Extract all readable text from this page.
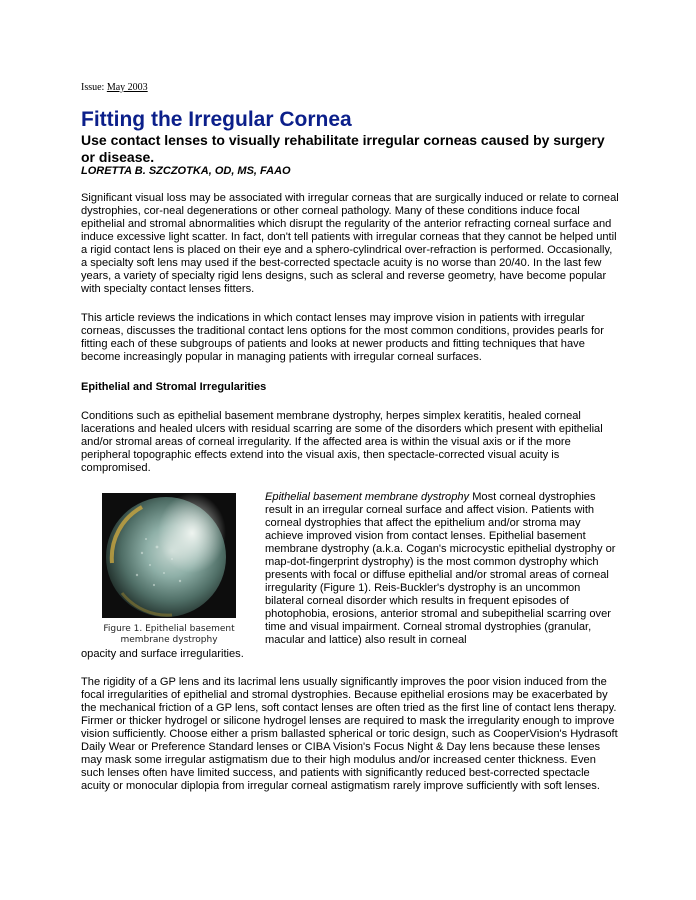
Issue: May 2003
Fitting the Irregular Cornea
Use contact lenses to visually rehabilitate irregular corneas caused by surgery or disease.
LORETTA B. SZCZOTKA, OD, MS, FAAO

Significant visual loss may be associated with irregular corneas that are surgically induced or relate to corneal dystrophies, cor-neal degenerations or other corneal pathology. Many of these conditions induce focal epithelial and stromal abnormalities which disrupt the regularity of the anterior refracting corneal surface and induce excessive light scatter. In fact, don't tell patients with irregular corneas that they cannot be helped until a rigid contact lens is placed on their eye and a sphero-cylindrical over-refraction is performed. Occasionally, a specialty soft lens may used if the best-corrected spectacle acuity is no worse than 20/40. In the last few years, a variety of specialty rigid lens designs, such as scleral and reverse geometry, have become popular with specialty contact lenses fitters.

This article reviews the indications in which contact lenses may improve vision in patients with irregular corneas, discusses the traditional contact lens options for the most common conditions, provides pearls for fitting each of these subgroups of patients and looks at newer products and fitting techniques that have become increasingly popular in managing patients with irregular corneal surfaces.

Epithelial and Stromal Irregularities

Conditions such as epithelial basement membrane dystrophy, herpes simplex keratitis, healed corneal lacerations and healed ulcers with residual scarring are some of the disorders which present with epithelial and/or stromal areas of corneal irregularity. If the affected area is within the visual axis or if the more peripheral topographic effects extend into the visual axis, then spectacle-corrected visual acuity is compromised.

Figure 1. Epithelial basement membrane dystrophy

Epithelial basement membrane dystrophy Most corneal dystrophies result in an irregular corneal surface and affect vision. Patients with corneal dystrophies that affect the epithelium and/or stroma may achieve improved vision from contact lenses. Epithelial basement membrane dystrophy (a.k.a. Cogan's microcystic epithelial dystrophy or map-dot-fingerprint dystrophy) is the most common dystrophy which presents with focal or diffuse epithelial and/or stromal areas of corneal irregularity (Figure 1). Reis-Buckler's dystrophy is an uncommon bilateral corneal disorder which results in frequent episodes of photophobia, erosions, anterior stromal and subepithelial scarring over time and visual impairment. Corneal stromal dystrophies (granular, macular and lattice) also result in corneal

opacity and surface irregularities.

The rigidity of a GP lens and its lacrimal lens usually significantly improves the poor vision induced from the focal irregularities of epithelial and stromal dystrophies. Because epithelial erosions may be exacerbated by the mechanical friction of a GP lens, soft contact lenses are often tried as the first line of contact lens therapy. Firmer or thicker hydrogel or silicone hydrogel lenses are required to mask the irregularity enough to improve vision sufficiently. Choose either a prism ballasted spherical or toric design, such as CooperVision's Hydrasoft Daily Wear or Preference Standard lenses or CIBA Vision's Focus Night & Day lens because these lenses may mask some irregular astigmatism due to their high modulus and/or increased center thickness. Even such lenses often have limited success, and patients with significantly reduced best-corrected spectacle acuity or monocular diplopia from irregular corneal astigmatism rarely improve sufficiently with soft lenses.
